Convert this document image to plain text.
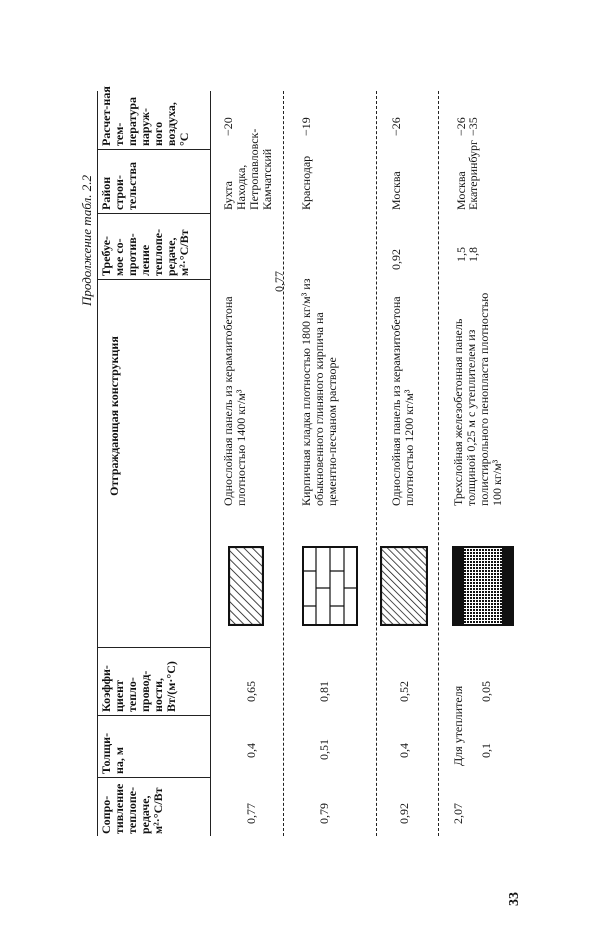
Продолжение табл. 2.2
33
Расчет-ная тем-пература наруж-ного воздуха, °С
Район строи-тельства
Требуе-мое со-против-ление теплопе-редаче, м²·°С/Вт
Отграждающая конструкция
Коэффи-циент тепло-провод-ности, Вт/(м·°С)
Толщи-на, м
Сопро-тивление теплопе-редаче, м²·°С/Вт
−20
Бухта Находка, Петропавловск-Камчатский
0,77
Однослойная панель из керамзитобетона плотностью 1400 кг/м³
0,65
0,4
0,77
−19
Краснодар
Кирпичная кладка плотностью 1800 кг/м³ из обыкновенного глиняного кирпича на цементно-песчаном растворе
0,81
0,51
0,79
−26
Москва
0,92
Однослойная панель из керамзитобетона плотностью 1200 кг/м³
0,52
0,4
0,92
−26
−35
Москва
Екатеринбург
1,5
1,8
Трехслойная железобетонная панель толщиной 0,25 м с утеплителем из полистирольного пенопласта плотностью 100 кг/м³
Для утеплителя 0,05
0,1
2,07
